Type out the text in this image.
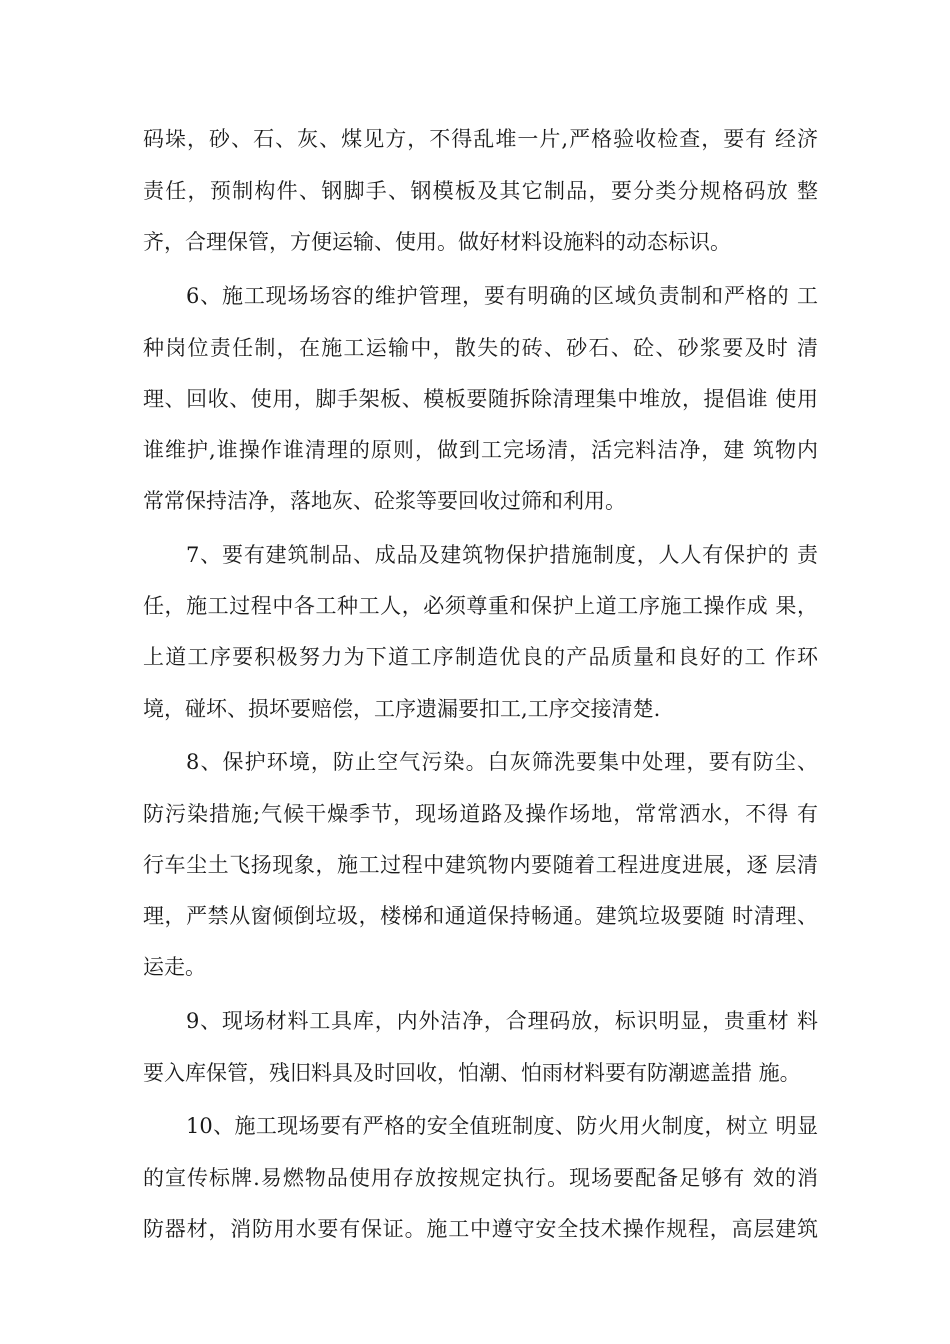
码垛，砂、石、灰、煤见方，不得乱堆一片,严格验收检查，要有 经济
责任，预制构件、钢脚手、钢模板及其它制品，要分类分规格码放 整
齐，合理保管，方便运输、使用。做好材料设施料的动态标识。
6、施工现场场容的维护管理，要有明确的区域负责制和严格的 工
种岗位责任制，在施工运输中，散失的砖、砂石、砼、砂浆要及时 清
理、回收、使用，脚手架板、模板要随拆除清理集中堆放，提倡谁 使用
谁维护,谁操作谁清理的原则，做到工完场清，活完料洁净，建 筑物内
常常保持洁净，落地灰、砼浆等要回收过筛和利用。
7、要有建筑制品、成品及建筑物保护措施制度，人人有保护的 责
任，施工过程中各工种工人，必须尊重和保护上道工序施工操作成 果，
上道工序要积极努力为下道工序制造优良的产品质量和良好的工 作环
境，碰坏、损坏要赔偿，工序遗漏要扣工,工序交接清楚.
8、保护环境，防止空气污染。白灰筛洗要集中处理，要有防尘、
防污染措施;气候干燥季节，现场道路及操作场地，常常洒水，不得 有
行车尘土飞扬现象，施工过程中建筑物内要随着工程进度进展，逐 层清
理，严禁从窗倾倒垃圾，楼梯和通道保持畅通。建筑垃圾要随 时清理、
运走。
9、现场材料工具库，内外洁净，合理码放，标识明显，贵重材 料
要入库保管，残旧料具及时回收，怕潮、怕雨材料要有防潮遮盖措 施。
10、施工现场要有严格的安全值班制度、防火用火制度，树立 明显
的宣传标牌.易燃物品使用存放按规定执行。现场要配备足够有 效的消
防器材，消防用水要有保证。施工中遵守安全技术操作规程，高层建筑
